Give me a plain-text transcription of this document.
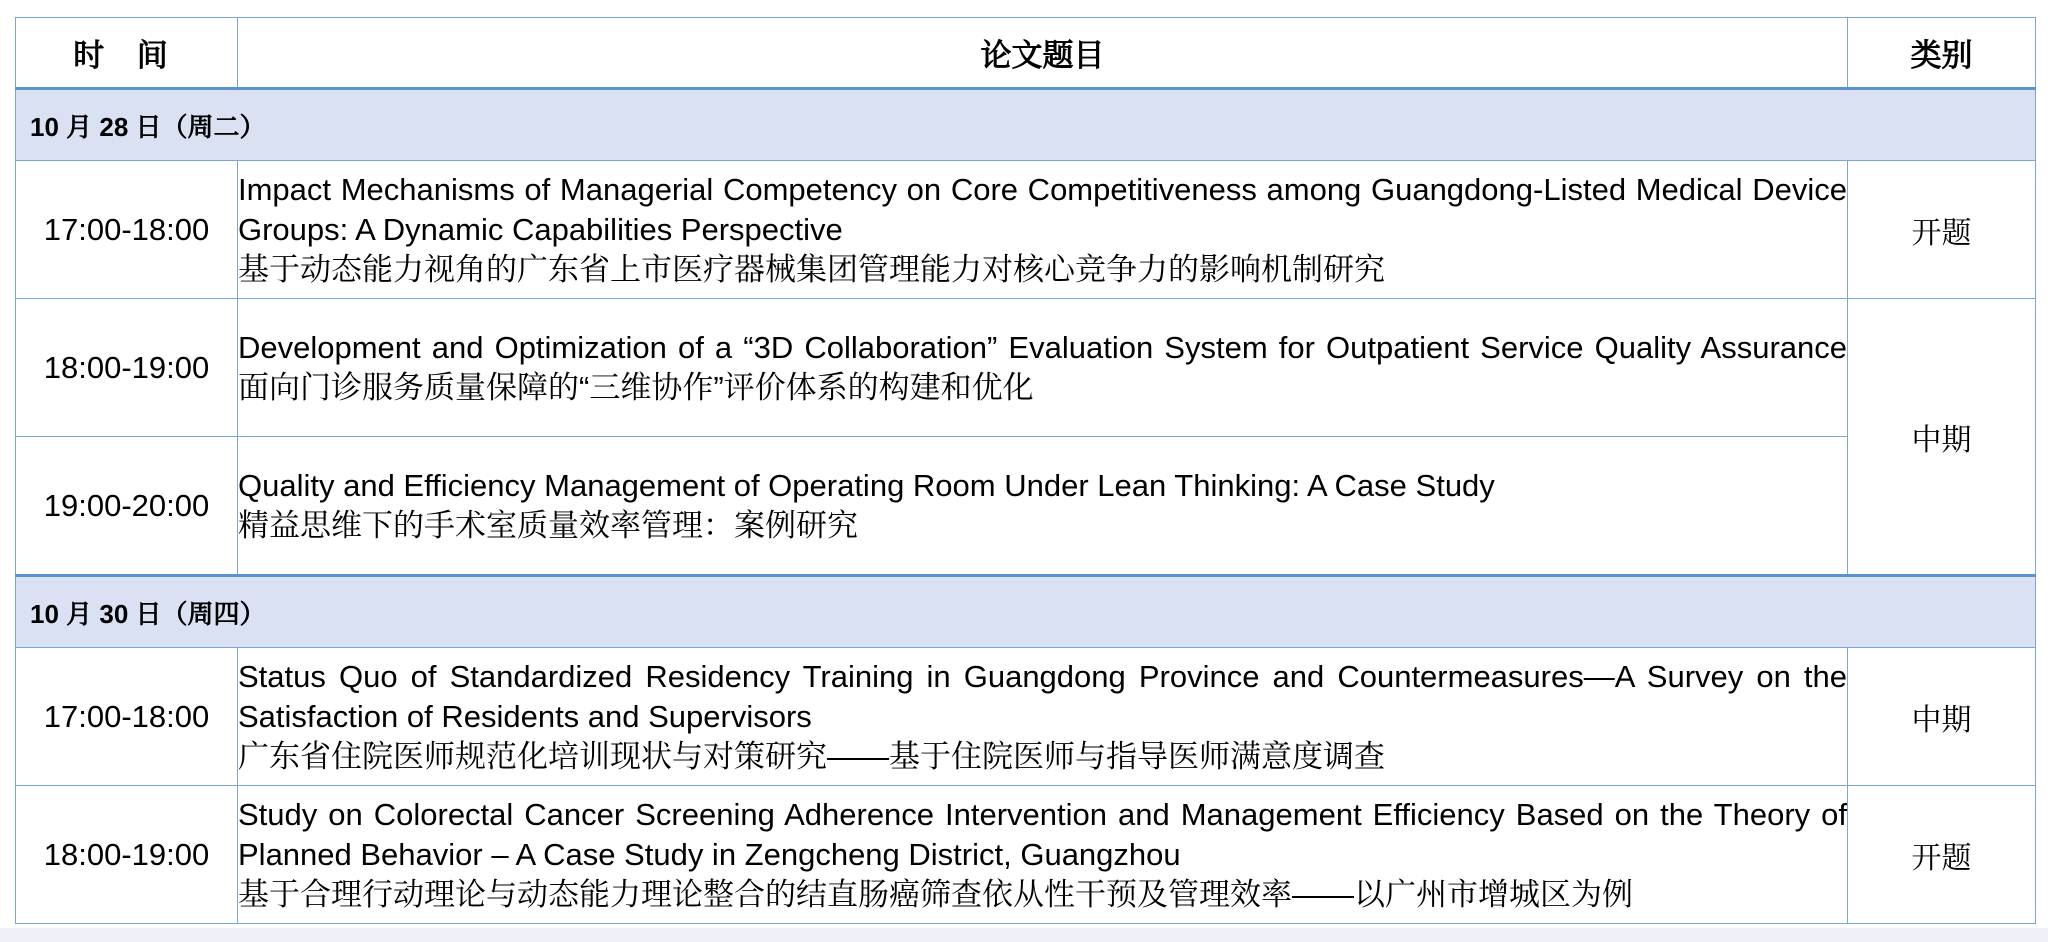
时 间	论文题目	类别
10 月 28 日（周二）		
17:00-18:00	Impact Mechanisms of Managerial Competency on Core Competitiveness among Guangdong-Listed Medical Device Groups: A Dynamic Capabilities Perspective
基于动态能力视角的广东省上市医疗器械集团管理能力对核心竞争力的影响机制研究	开题
18:00-19:00	Development and Optimization of a “3D Collaboration” Evaluation System for Outpatient Service Quality Assurance 面向门诊服务质量保障的“三维协作”评价体系的构建和优化	中期
19:00-20:00	Quality and Efficiency Management of Operating Room Under Lean Thinking: A Case Study
精益思维下的手术室质量效率管理：案例研究	

10 月 30 日（周四）		
17:00-18:00	Status Quo of Standardized Residency Training in Guangdong Province and Countermeasures—A Survey on the Satisfaction of Residents and Supervisors
广东省住院医师规范化培训现状与对策研究——基于住院医师与指导医师满意度调查	中期
18:00-19:00	Study on Colorectal Cancer Screening Adherence Intervention and Management Efficiency Based on the Theory of Planned Behavior – A Case Study in Zengcheng District, Guangzhou
基于合理行动理论与动态能力理论整合的结直肠癌筛查依从性干预及管理效率——以广州市增城区为例	开题
